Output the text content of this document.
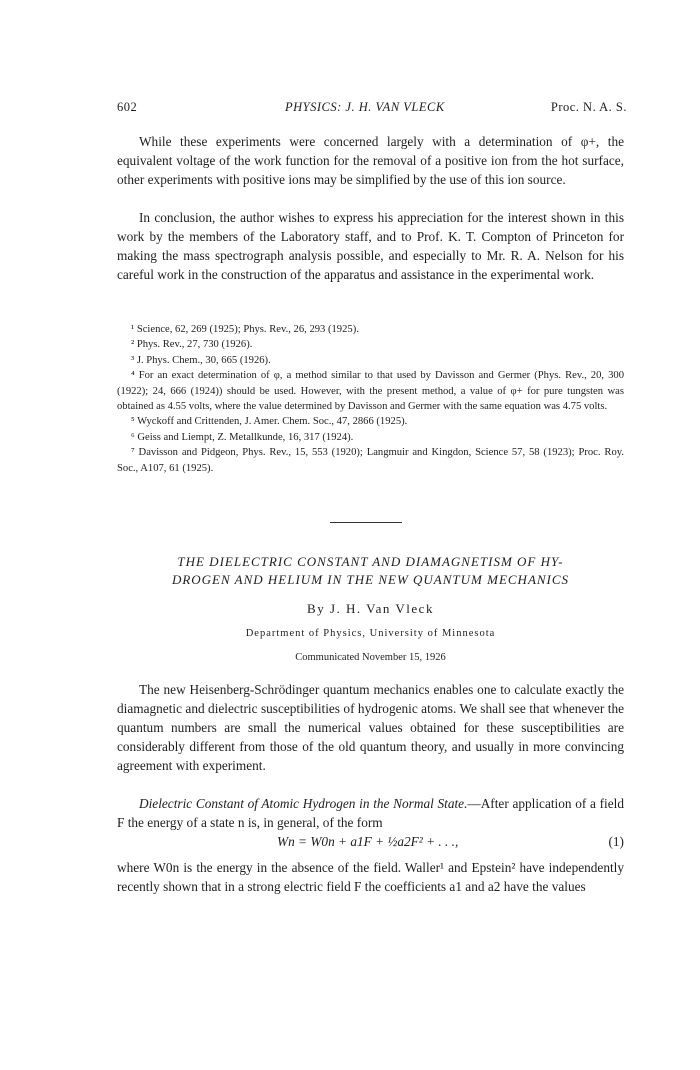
602	PHYSICS: J. H. VAN VLECK	Proc. N. A. S.

While these experiments were concerned largely with a determination of φ+, the equivalent voltage of the work function for the removal of a positive ion from the hot surface, other experiments with positive ions may be simplified by the use of this ion source.

In conclusion, the author wishes to express his appreciation for the interest shown in this work by the members of the Laboratory staff, and to Prof. K. T. Compton of Princeton for making the mass spectrograph analysis possible, and especially to Mr. R. A. Nelson for his careful work in the construction of the apparatus and assistance in the experimental work.

¹ Science, 62, 269 (1925); Phys. Rev., 26, 293 (1925).

² Phys. Rev., 27, 730 (1926).

³ J. Phys. Chem., 30, 665 (1926).

⁴ For an exact determination of φ, a method similar to that used by Davisson and Germer (Phys. Rev., 20, 300 (1922); 24, 666 (1924)) should be used. However, with the present method, a value of φ+ for pure tungsten was obtained as 4.55 volts, where the value determined by Davisson and Germer with the same equation was 4.75 volts.

⁵ Wyckoff and Crittenden, J. Amer. Chem. Soc., 47, 2866 (1925).

⁶ Geiss and Liempt, Z. Metallkunde, 16, 317 (1924).

⁷ Davisson and Pidgeon, Phys. Rev., 15, 553 (1920); Langmuir and Kingdon, Science 57, 58 (1923); Proc. Roy. Soc., A107, 61 (1925).

THE DIELECTRIC CONSTANT AND DIAMAGNETISM OF HY-
DROGEN AND HELIUM IN THE NEW QUANTUM MECHANICS
By J. H. Van Vleck
Department of Physics, University of Minnesota
Communicated November 15, 1926

The new Heisenberg-Schrödinger quantum mechanics enables one to calculate exactly the diamagnetic and dielectric susceptibilities of hydrogenic atoms. We shall see that whenever the quantum numbers are small the numerical values obtained for these susceptibilities are considerably different from those of the old quantum theory, and usually in more convincing agreement with experiment.

Dielectric Constant of Atomic Hydrogen in the Normal State.—After application of a field F the energy of a state n is, in general, of the form

Wn = W0n + a1F + ½a2F² + . . .,	(1)

where W0n is the energy in the absence of the field. Waller¹ and Epstein² have independently recently shown that in a strong electric field F the coefficients a1 and a2 have the values
